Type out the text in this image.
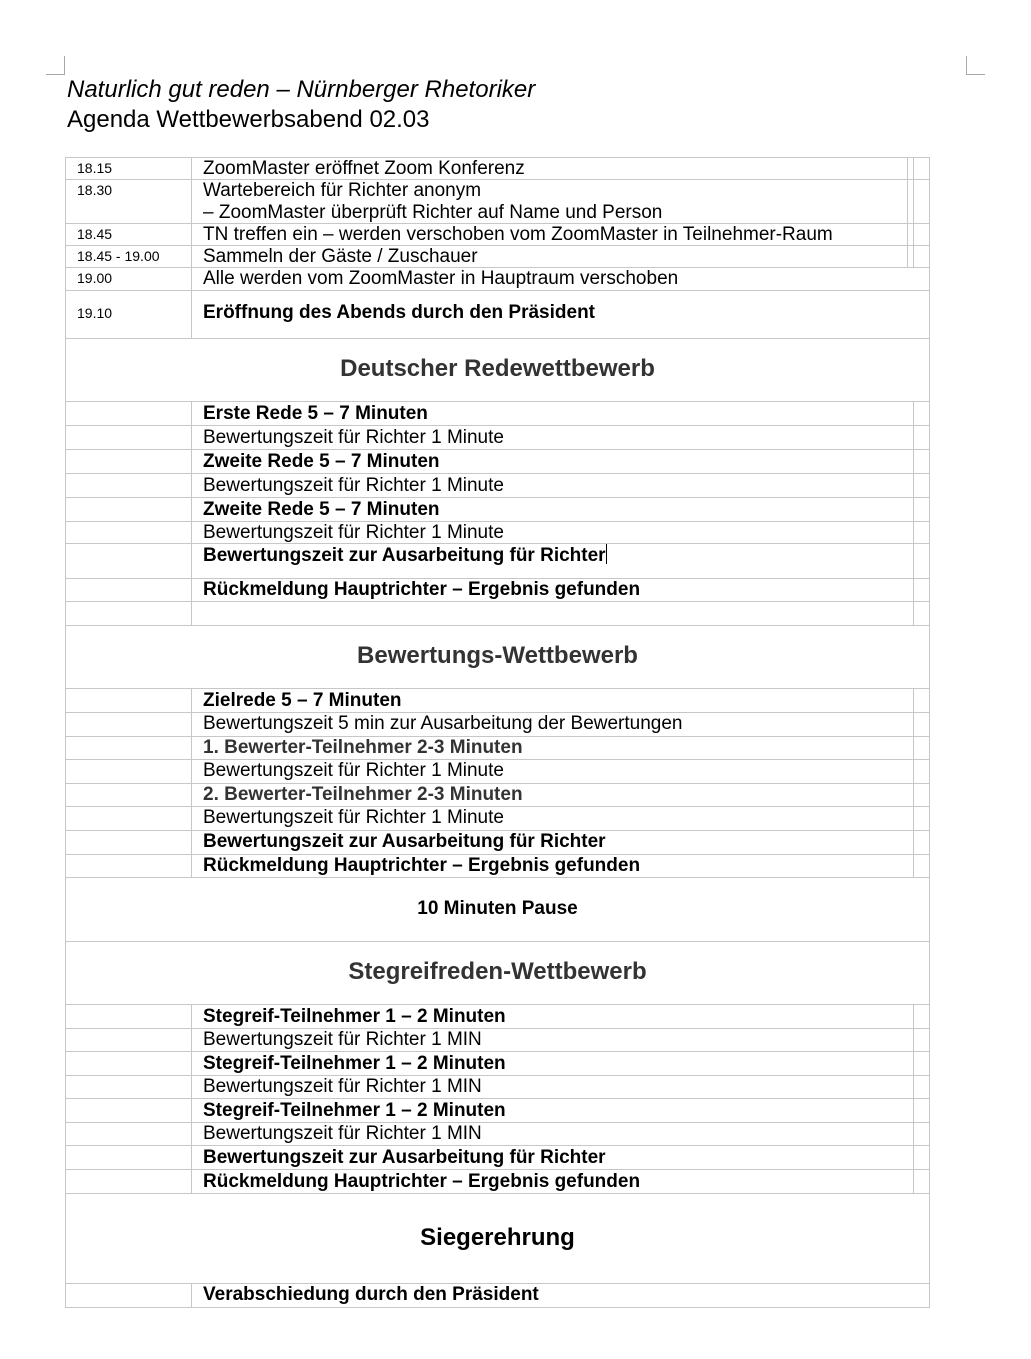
Naturlich gut reden – Nürnberger Rhetoriker
Agenda Wettbewerbsabend 02.03
18.15	ZoomMaster eröffnet Zoom Konferenz
18.30	Wartebereich für Richter anonym
– ZoomMaster überprüft Richter auf Name und Person
18.45	TN treffen ein – werden verschoben vom ZoomMaster in Teilnehmer-Raum
18.45 - 19.00	Sammeln der Gäste / Zuschauer
19.00	Alle werden vom ZoomMaster in Hauptraum verschoben
19.10	Eröffnung des Abends durch den Präsident
Deutscher Redewettbewerb
Erste Rede 5 – 7 Minuten
Bewertungszeit für Richter 1 Minute
Zweite Rede 5 – 7 Minuten
Bewertungszeit für Richter 1 Minute
Zweite Rede 5 – 7 Minuten
Bewertungszeit für Richter 1 Minute
Bewertungszeit zur Ausarbeitung für Richter
Rückmeldung Hauptrichter – Ergebnis gefunden
Bewertungs-Wettbewerb
Zielrede 5 – 7 Minuten
Bewertungszeit 5 min zur Ausarbeitung der Bewertungen
1. Bewerter-Teilnehmer 2-3 Minuten
Bewertungszeit für Richter 1 Minute
2. Bewerter-Teilnehmer 2-3 Minuten
Bewertungszeit für Richter 1 Minute
Bewertungszeit zur Ausarbeitung für Richter
Rückmeldung Hauptrichter – Ergebnis gefunden
10 Minuten Pause
Stegreifreden-Wettbewerb
Stegreif-Teilnehmer 1 – 2 Minuten
Bewertungszeit für Richter 1 MIN
Stegreif-Teilnehmer 1 – 2 Minuten
Bewertungszeit für Richter 1 MIN
Stegreif-Teilnehmer 1 – 2 Minuten
Bewertungszeit für Richter 1 MIN
Bewertungszeit zur Ausarbeitung für Richter
Rückmeldung Hauptrichter – Ergebnis gefunden
Siegerehrung
Verabschiedung durch den Präsident
